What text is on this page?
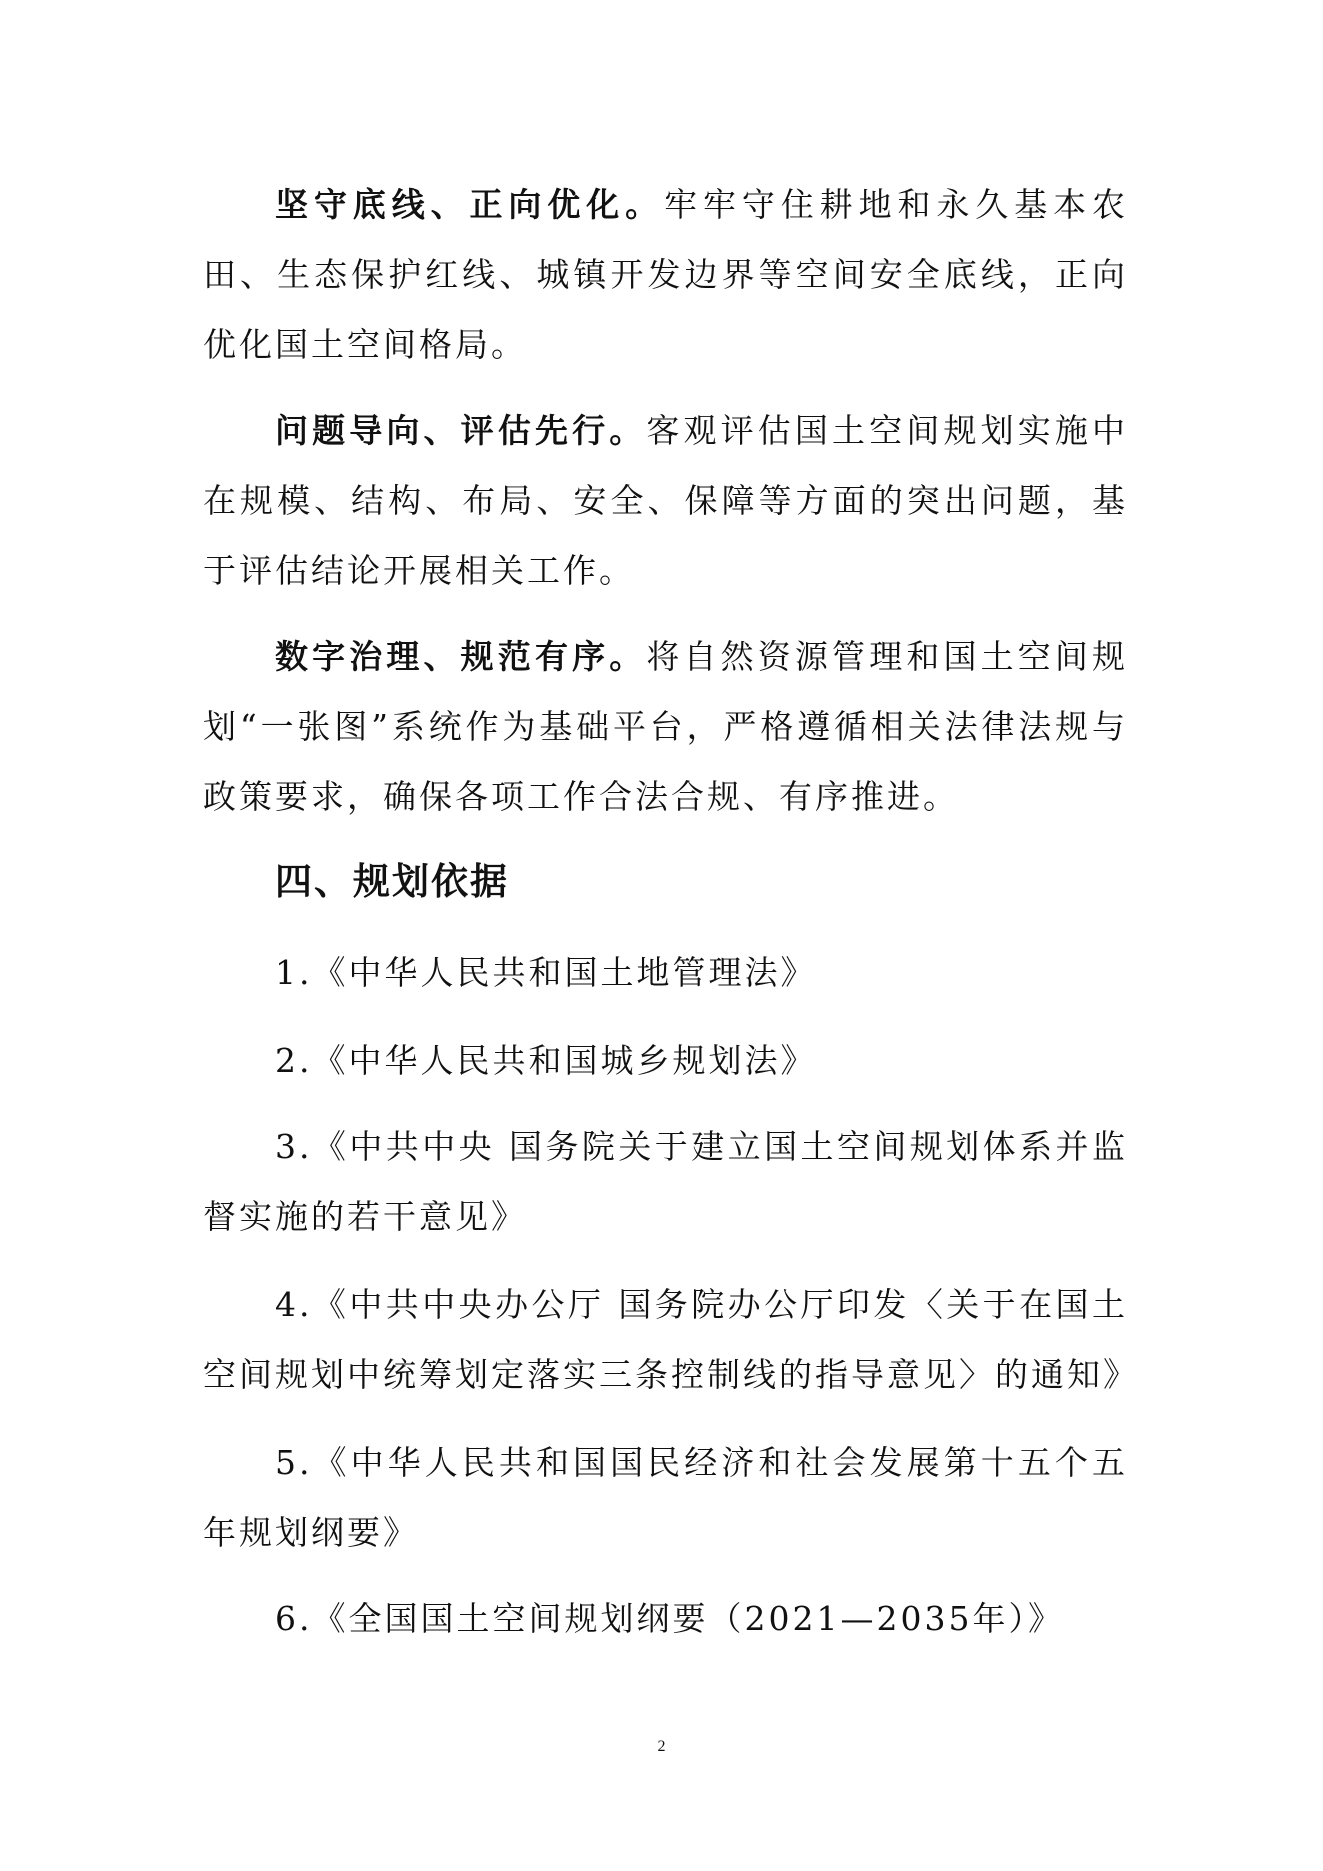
坚守底线、正向优化。牢牢守住耕地和永久基本农田、生态保护红线、城镇开发边界等空间安全底线，正向优化国土空间格局。

问题导向、评估先行。客观评估国土空间规划实施中在规模、结构、布局、安全、保障等方面的突出问题，基于评估结论开展相关工作。

数字治理、规范有序。将自然资源管理和国土空间规划“一张图”系统作为基础平台，严格遵循相关法律法规与政策要求，确保各项工作合法合规、有序推进。

四、规划依据

1.《中华人民共和国土地管理法》

2.《中华人民共和国城乡规划法》

3.《中共中央 国务院关于建立国土空间规划体系并监督实施的若干意见》

4.《中共中央办公厅 国务院办公厅印发〈关于在国土空间规划中统筹划定落实三条控制线的指导意见〉的通知》

5.《中华人民共和国国民经济和社会发展第十五个五年规划纲要》

6.《全国国土空间规划纲要（2021—2035年）》

2
